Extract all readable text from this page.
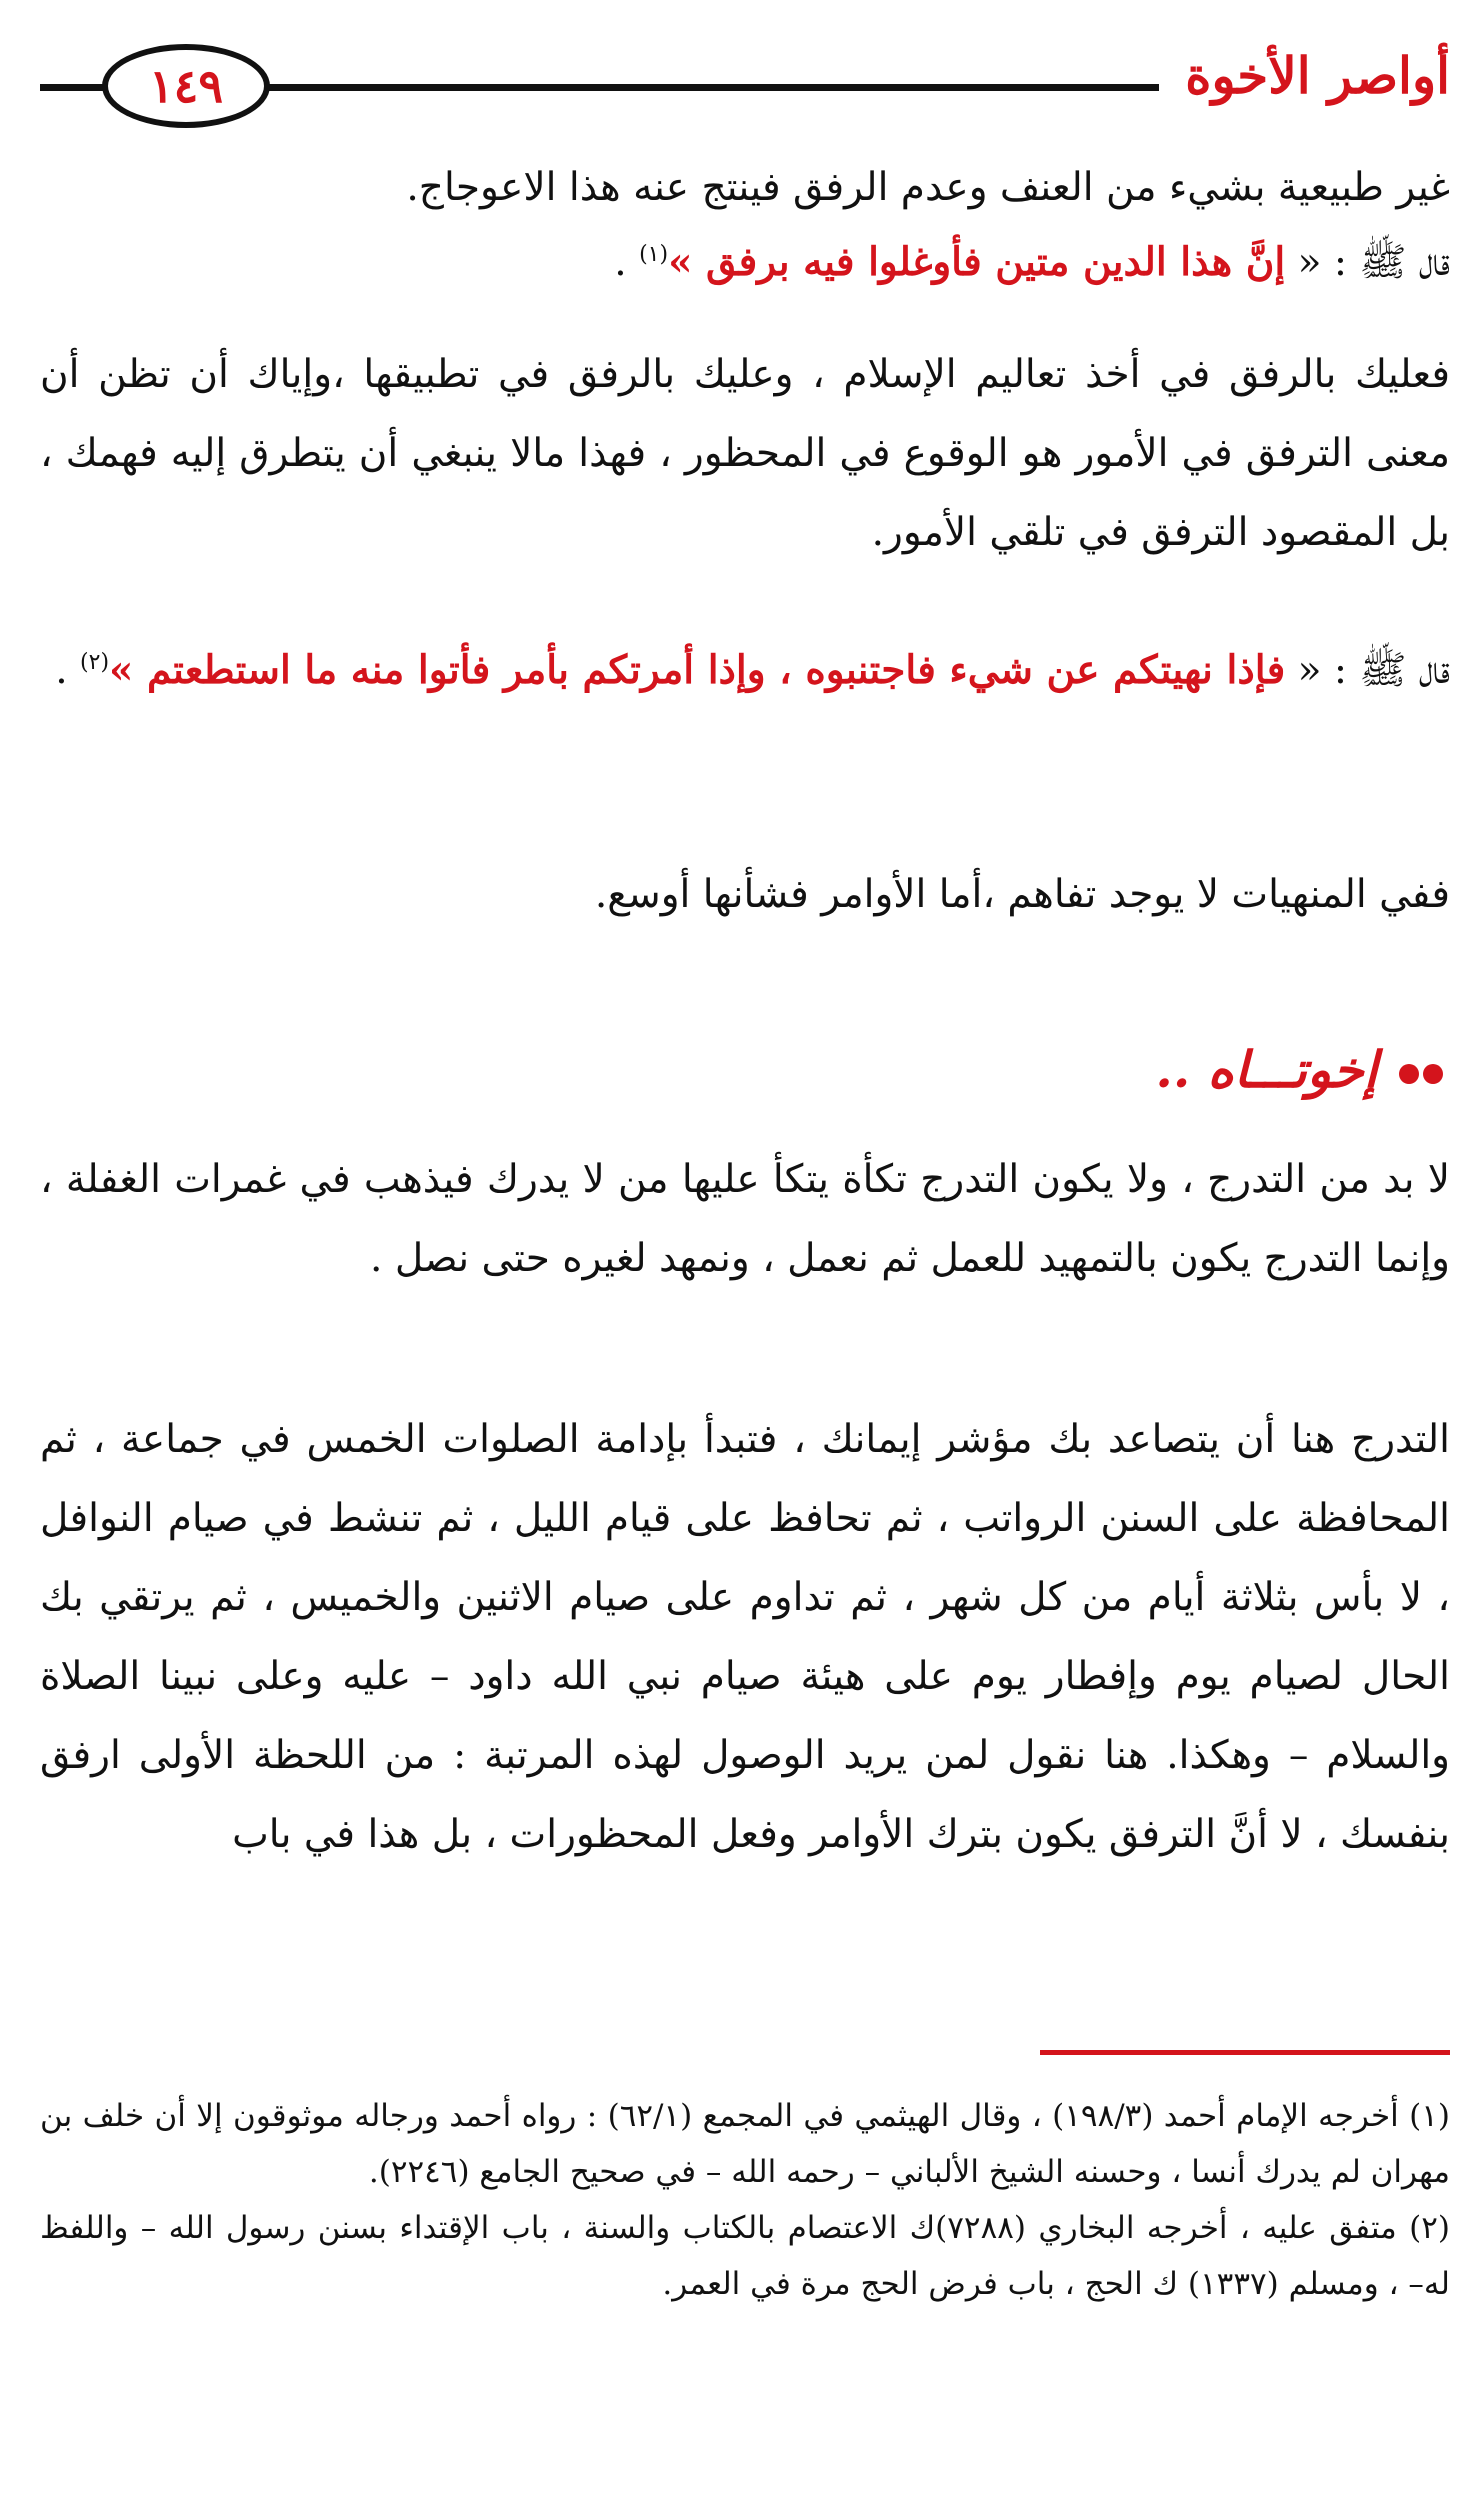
أواصر الأخوة
١٤٩

غير طبيعية بشيء من العنف وعدم الرفق فينتج عنه هذا الاعوجاج.

قال ﷺ : « إنَّ هذا الدين متين فأوغلوا فيه برفق »$^{(١)}$ .

فعليك بالرفق في أخذ تعاليم الإسلام ، وعليك بالرفق في تطبيقها ،وإياك أن تظن أن معنى الترفق في الأمور هو الوقوع في المحظور ، فهذا مالا ينبغي أن يتطرق إليه فهمك ، بل المقصود الترفق في تلقي الأمور.

قال ﷺ : « فإذا نهيتكم عن شيء فاجتنبوه ، وإذا أمرتكم بأمر فأتوا منه ما استطعتم »$^{(٢)}$ .

ففي المنهيات لا يوجد تفاهم ،أما الأوامر فشأنها أوسع.

إخوتـــاه ..

لا بد من التدرج ، ولا يكون التدرج تكأة يتكأ عليها من لا يدرك فيذهب في غمرات الغفلة ، وإنما التدرج يكون بالتمهيد للعمل ثم نعمل ، ونمهد لغيره حتى نصل .

التدرج هنا أن يتصاعد بك مؤشر إيمانك ، فتبدأ بإدامة الصلوات الخمس في جماعة ، ثم المحافظة على السنن الرواتب ، ثم تحافظ على قيام الليل ، ثم تنشط في صيام النوافل ، لا بأس بثلاثة أيام من كل شهر ، ثم تداوم على صيام الاثنين والخميس ، ثم يرتقي بك الحال لصيام يوم وإفطار يوم على هيئة صيام نبي الله داود – عليه وعلى نبينا الصلاة والسلام – وهكذا. هنا نقول لمن يريد الوصول لهذه المرتبة : من اللحظة الأولى ارفق بنفسك ، لا أنَّ الترفق يكون بترك الأوامر وفعل المحظورات ، بل هذا في باب

(١) أخرجه الإمام أحمد (١٩٨/٣) ، وقال الهيثمي في المجمع (٦٢/١) : رواه أحمد ورجاله موثوقون إلا أن خلف بن مهران لم يدرك أنسا ، وحسنه الشيخ الألباني – رحمه الله – في صحيح الجامع (٢٢٤٦).

(٢) متفق عليه ، أخرجه البخاري (٧٢٨٨)ك الاعتصام بالكتاب والسنة ، باب الإقتداء بسنن رسول الله – واللفظ له– ، ومسلم (١٣٣٧) ك الحج ، باب فرض الحج مرة في العمر.
